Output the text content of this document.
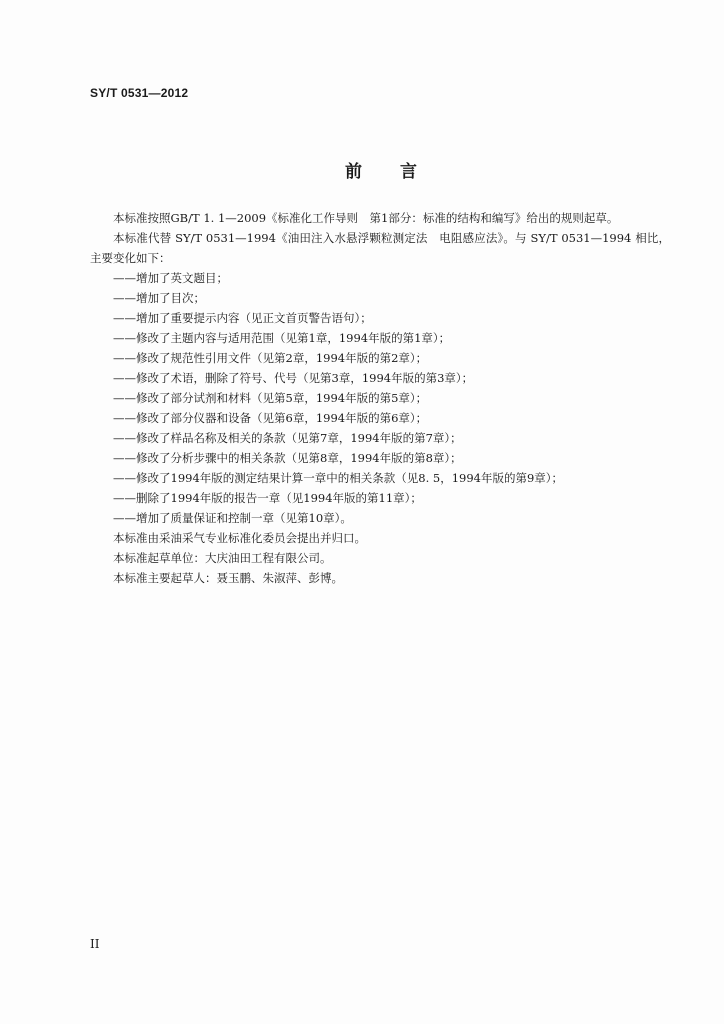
SY/T 0531—2012
前言

本标准按照GB/T 1. 1—2009《标准化工作导则　第1部分：标准的结构和编写》给出的规则起草。

本标准代替 SY/T 0531—1994《油田注入水悬浮颗粒测定法　电阻感应法》。与 SY/T 0531—1994 相比，主要变化如下：

——增加了英文题目；

——增加了目次；

——增加了重要提示内容（见正文首页警告语句）；

——修改了主题内容与适用范围（见第1章，1994年版的第1章）；

——修改了规范性引用文件（见第2章，1994年版的第2章）；

——修改了术语，删除了符号、代号（见第3章，1994年版的第3章）；

——修改了部分试剂和材料（见第5章，1994年版的第5章）；

——修改了部分仪器和设备（见第6章，1994年版的第6章）；

——修改了样品名称及相关的条款（见第7章，1994年版的第7章）；

——修改了分析步骤中的相关条款（见第8章，1994年版的第8章）；

——修改了1994年版的测定结果计算一章中的相关条款（见8. 5，1994年版的第9章）；

——删除了1994年版的报告一章（见1994年版的第11章）；

——增加了质量保证和控制一章（见第10章）。

本标准由采油采气专业标准化委员会提出并归口。

本标准起草单位：大庆油田工程有限公司。

本标准主要起草人：聂玉鹏、朱淑萍、彭博。

II
